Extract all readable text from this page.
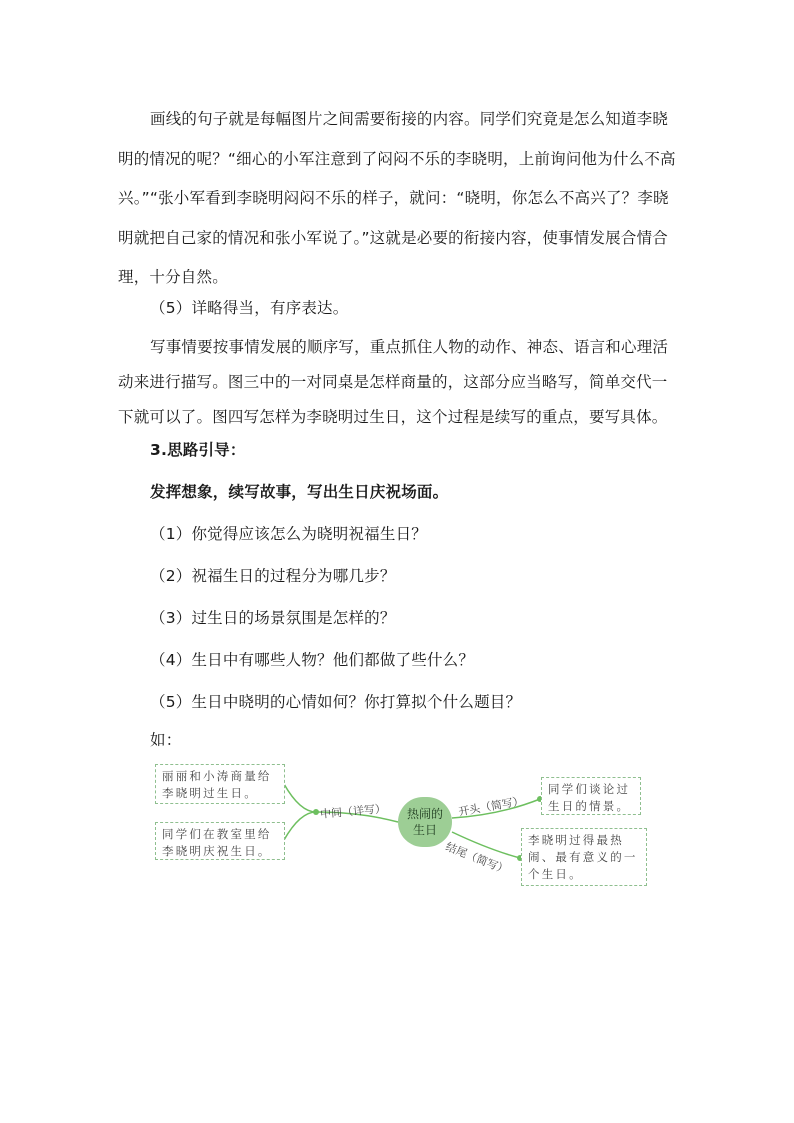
画线的句子就是每幅图片之间需要衔接的内容。同学们究竟是怎么知道李晓明的情况的呢？“细心的小军注意到了闷闷不乐的李晓明，上前询问他为什么不高兴。”“张小军看到李晓明闷闷不乐的样子，就问：“晓明，你怎么不高兴了？李晓明就把自己家的情况和张小军说了。”这就是必要的衔接内容，使事情发展合情合理，十分自然。
（5）详略得当，有序表达。
写事情要按事情发展的顺序写，重点抓住人物的动作、神态、语言和心理活动来进行描写。图三中的一对同桌是怎样商量的，这部分应当略写，简单交代一下就可以了。图四写怎样为李晓明过生日，这个过程是续写的重点，要写具体。
3.思路引导：
发挥想象，续写故事，写出生日庆祝场面。
（1）你觉得应该怎么为晓明祝福生日？
（2）祝福生日的过程分为哪几步？
（3）过生日的场景氛围是怎样的？
（4）生日中有哪些人物？他们都做了些什么？
（5）生日中晓明的心情如何？你打算拟个什么题目？
如：
丽丽和小涛商量给李晓明过生日。
同学们在教室里给李晓明庆祝生日。
中间（详写）	热闹的生日
开头（简写）
同学们谈论过生日的情景。
结尾（简写）
李晓明过得最热闹、最有意义的一个生日。
